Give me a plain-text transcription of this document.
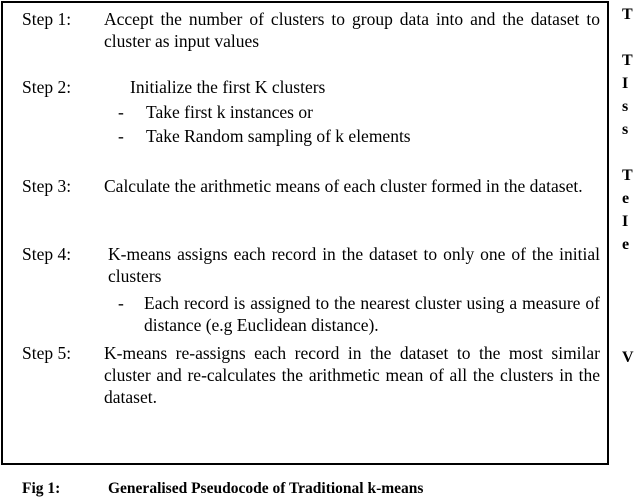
Step 1:	Accept the number of clusters to group data into and the dataset to cluster as input values
Step 2:	Initialize the first K clusters
-	Take first k instances or
-	Take Random sampling of k elements
Step 3:	Calculate the arithmetic means of each cluster formed in the dataset.
Step 4:	K-means assigns each record in the dataset to only one of the initial clusters
-	Each record is assigned to the nearest cluster using a measure of distance (e.g Euclidean distance).
Step 5:	K-means re-assigns each record in the dataset to the most similar cluster and re-calculates the arithmetic mean of all the clusters in the dataset.
T
T
I
s
s
T
e
I
e
V
Fig 1:	Generalised Pseudocode of Traditional k-means
